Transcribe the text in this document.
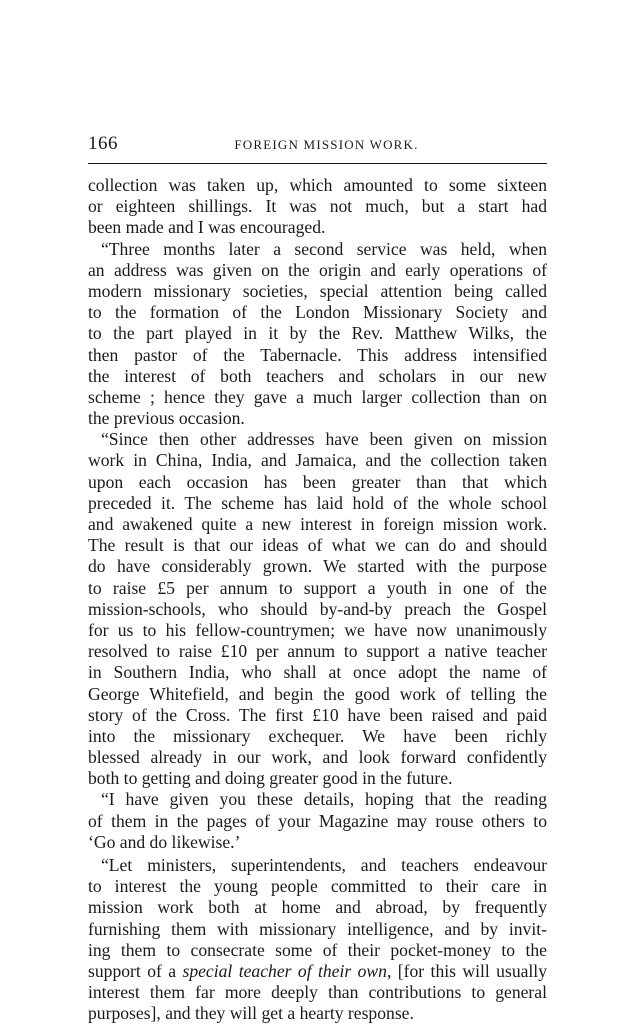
166	FOREIGN MISSION WORK.
collection was taken up, which amounted to some sixteen
or eighteen shillings. It was not much, but a start had
been made and I was encouraged.
“Three months later a second service was held, when
an address was given on the origin and early operations of
modern missionary societies, special attention being called
to the formation of the London Missionary Society and
to the part played in it by the Rev. Matthew Wilks, the
then pastor of the Tabernacle. This address intensified
the interest of both teachers and scholars in our new
scheme ; hence they gave a much larger collection than on
the previous occasion.
“Since then other addresses have been given on mission
work in China, India, and Jamaica, and the collection taken
upon each occasion has been greater than that which
preceded it. The scheme has laid hold of the whole school
and awakened quite a new interest in foreign mission work.
The result is that our ideas of what we can do and should
do have considerably grown. We started with the purpose
to raise £5 per annum to support a youth in one of the
mission-schools, who should by-and-by preach the Gospel
for us to his fellow-countrymen; we have now unanimously
resolved to raise £10 per annum to support a native teacher
in Southern India, who shall at once adopt the name of
George Whitefield, and begin the good work of telling the
story of the Cross. The first £10 have been raised and paid
into the missionary exchequer. We have been richly
blessed already in our work, and look forward confidently
both to getting and doing greater good in the future.
“I have given you these details, hoping that the reading
of them in the pages of your Magazine may rouse others to
‘Go and do likewise.’
“Let ministers, superintendents, and teachers endeavour
to interest the young people committed to their care in
mission work both at home and abroad, by frequently
furnishing them with missionary intelligence, and by invit-
ing them to consecrate some of their pocket-money to the
support of a special teacher of their own, [for this will usually
interest them far more deeply than contributions to general
purposes], and they will get a hearty response.
